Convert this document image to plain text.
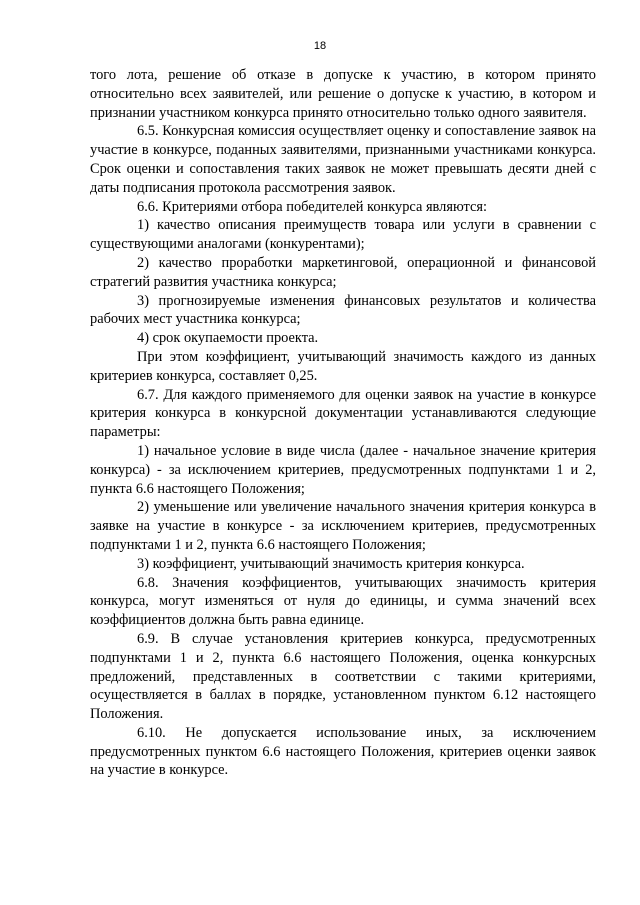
18

того лота, решение об отказе в допуске к участию, в котором принято относительно всех заявителей, или решение о допуске к участию, в котором и признании участником конкурса принято относительно только одного заявителя.

6.5. Конкурсная комиссия осуществляет оценку и сопоставление заявок на участие в конкурсе, поданных заявителями, признанными участниками конкурса. Срок оценки и сопоставления таких заявок не может превышать десяти дней с даты подписания протокола рассмотрения заявок.

6.6. Критериями отбора победителей конкурса являются:

1) качество описания преимуществ товара или услуги в сравнении с существующими аналогами (конкурентами);

2) качество проработки маркетинговой, операционной и финансовой стратегий развития участника конкурса;

3) прогнозируемые изменения финансовых результатов и количества рабочих мест участника конкурса;

4) срок окупаемости проекта.

При этом коэффициент, учитывающий значимость каждого из данных критериев конкурса, составляет 0,25.

6.7. Для каждого применяемого для оценки заявок на участие в конкурсе критерия конкурса в конкурсной документации устанавливаются следующие параметры:

1) начальное условие в виде числа (далее - начальное значение критерия конкурса) - за исключением критериев, предусмотренных подпунктами 1 и 2, пункта 6.6 настоящего Положения;

2) уменьшение или увеличение начального значения критерия конкурса в заявке на участие в конкурсе - за исключением критериев, предусмотренных подпунктами 1 и 2, пункта 6.6 настоящего Положения;

3) коэффициент, учитывающий значимость критерия конкурса.

6.8. Значения коэффициентов, учитывающих значимость критерия конкурса, могут изменяться от нуля до единицы, и сумма значений всех коэффициентов должна быть равна единице.

6.9. В случае установления критериев конкурса, предусмотренных подпунктами 1 и 2, пункта 6.6 настоящего Положения, оценка конкурсных предложений, представленных в соответствии с такими критериями, осуществляется в баллах в порядке, установленном пунктом 6.12 настоящего Положения.

6.10. Не допускается использование иных, за исключением предусмотренных пунктом 6.6 настоящего Положения, критериев оценки заявок на участие в конкурсе.
